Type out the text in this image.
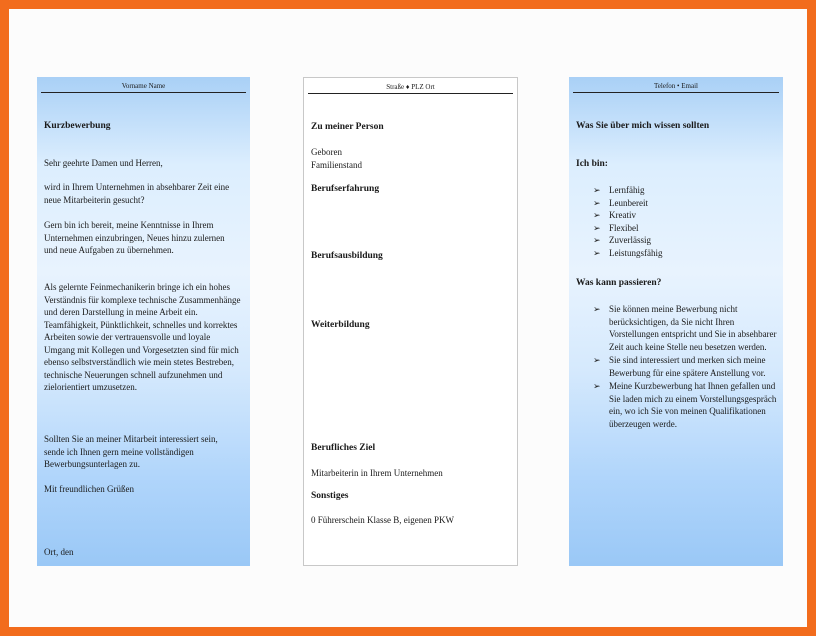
Vorname Name
Kurzbewerbung
Sehr geehrte Damen und Herren,
wird in Ihrem Unternehmen in absehbarer Zeit eine neue Mitarbeiterin gesucht?
Gern bin ich bereit, meine Kenntnisse in Ihrem Unternehmen einzubringen, Neues hinzu zulernen und neue Aufgaben zu übernehmen.
Als gelernte Feinmechanikerin bringe ich ein hohes Verständnis für komplexe technische Zusammenhänge und deren Darstellung in meine Arbeit ein. Teamfähigkeit, Pünktlichkeit, schnelles und korrektes Arbeiten sowie der vertrauensvolle und loyale Umgang mit Kollegen und Vorgesetzten sind für mich ebenso selbstverständlich wie mein stetes Bestreben, technische Neuerungen schnell aufzunehmen und zielorientiert umzusetzen.
Sollten Sie an meiner Mitarbeit interessiert sein, sende ich Ihnen gern meine vollständigen Bewerbungsunterlagen zu.
Mit freundlichen Grüßen
Ort, den
Straße ♦ PLZ Ort
Zu meiner Person
Geboren
Familienstand
Berufserfahrung
Berufsausbildung
Weiterbildung
Berufliches Ziel
Mitarbeiterin in Ihrem Unternehmen
Sonstiges
0 Führerschein Klasse B, eigenen PKW
Telefon • Email
Was Sie über mich wissen sollten
Ich bin:
➢ Lernfähig
➢ Leunbereit
➢ Kreativ
➢ Flexibel
➢ Zuverlässig
➢ Leistungsfähig
Was kann passieren?
➢ Sie können meine Bewerbung nicht berücksichtigen, da Sie nicht Ihren Vorstellungen entspricht und Sie in absehbarer Zeit auch keine Stelle neu besetzen werden.
➢ Sie sind interessiert und merken sich meine Bewerbung für eine spätere Anstellung vor.
➢ Meine Kurzbewerbung hat Ihnen gefallen und Sie laden mich zu einem Vorstellungsgespräch ein, wo ich Sie von meinen Qualifikationen überzeugen werde.
